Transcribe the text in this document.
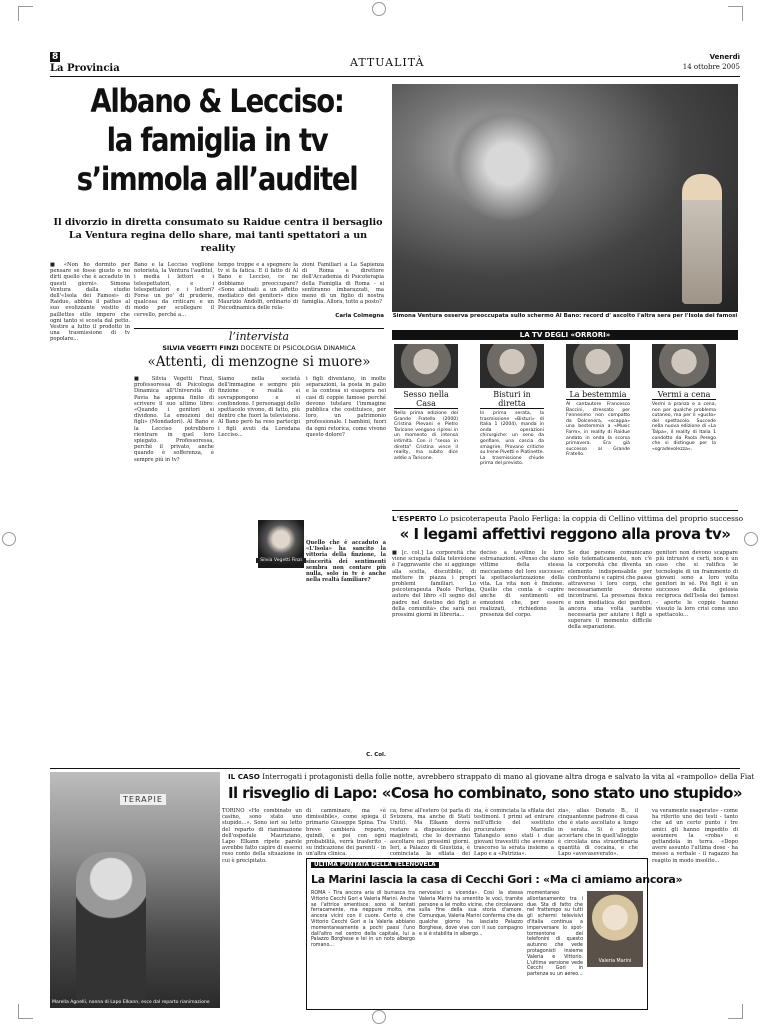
8
La Provincia	ATTUALITÀ	Venerdì
14 ottobre 2005
Albano & Lecciso:
la famiglia in tv
s’immola all’auditel
Il divorzio in diretta consumato su Raidue centra il bersaglio
La Ventura regina dello share, mai tanti spettatori a un reality
■ «Non ho dormito per pensare se fosse giusto o no dirti quello che è accaduto in questi giorni». Simona Ventura dalla studio dell'«Isola dei Famosi» di Raidue, abbina il pathos al suo evolizzante vestito di paillettes stile impero che ogni tanto si scosta dal petto. Vestire a lutto il prodotto in una trasmissione di tv popolare...
Bano e la Lecciso voglione notorietà, la Ventura l'auditel, i media i lettori e i telespettatori, e i telespettatori e i lettori? Forse un po' di pruderie, qualcosa da criticare e un modo per scollegare il cervello, perché a...
tempo troppe e a spegnere la tv si fa fatica. E il fatto di Al Bano e Lecciso, ce ne dobbiamo preoccupare? «Sono abituati a un affetto mediatico dei genitori» dice Maurizio Andolfi, ordinario di Psicodinamica delle rela-
zioni Familiari a La Sapienza di Roma e direttore dell'Accademia di Psicoterapia della Famiglia di Roma - si sentiranno imbarazzati, ma meno di un figlio di nostra famiglia. Allora, tutto a posto?
Carla Colmegna Simona Ventura osserva preoccupata sullo schermo Al Bano: record d' ascolto l'altra sera per l'Isola dei famosi
l’intervista
SILVIA VEGETTI FINZI DOCENTE DI PSICOLOGIA DINAMICA
«Attenti, di menzogne si muore»
■ Silvia Vegetti Finzi, professoressa di Psicologia Dinamica all'Università di Pavia ha appena finito di scrivere il suo ultimo libro: «Quando i genitori si dividono. Le emozioni dei figli» (Mondadori). Al Bano e la Lecciso potrebbero rientrare in quel loro spiegato. Professoressa, perché il privato, anche quando è sofferenza, è sempre più in tv?
Siamo nella società dell'immagine e sempre più finzione e realtà si sovrappongono e si confondono. I personaggi dello spettacolo vivono, di fatto, più dentro che fuori la televisione. Al Bano però ha reso partecipi i figli avuti da Loredana Lecciso...
Silvia Vegetti Finzi
i figli diventano, in molte separazioni, la posta in palio e la contesa si esaspera nei casi di coppie famose perché devono tutelare l'immagine pubblica che costituisce, per loro, un patrimonio professionale. I bambini, fuori da ogni retorica, come vivono questo dolore?
Quello che è accaduto a «L'Isola» ha sancito la vittoria della finzione, la sincerità dei sentimenti sembra non contare più nulla, solo in tv è anche nella realtà familiare?
C. Col.
LA TV DEGLI «ORRORI»
Sesso nella Casa
Nella prima edizione del Grande Fratello (2000) Cristina Plevani e Pietro Taricone vengono ripresi in un momento di intensa intimità. Con il "sesso in diretta" Cristina vince il reality, ma subito dice addio a Taricone.
Bisturi in diretta
In prima serata, la trasmissione «Bisturi» di Italia 1 (2004), manda in onda operazioni chirurgiche: un seno da gonfiare, una coscia da smagrire. Provano critiche su Irene Pivetti e Platinette. La trasmissione chiude prima del previsto.
La bestemmia
Al cantautore Francesco Baccini, stressato per l'ennesimo non compatto da Dolcenera, «scappa» una bestemmia a «Music Farm», in reality di Raidue andato in onda la scorsa primavera. Era già successo al Grande Fratello.
Vermi a cena
Vermi a pranzo e a cena, non per qualche problema cutaneo, ma per il «gusto» del spettacolo. Succede nella nuova edizione di «La Talpa», il reality di Italia 1 condotto da Paola Perego che si distingue per la «sgradevolezza».
L'ESPERTO Lo psicoterapeuta Paolo Ferliga: la coppia di Cellino vittima del proprio successo
« I legami affettivi reggono alla prova tv»
■ [c. col.] La corporeità che viene sciupata dalla televisione è l'aggravante che si aggiunge alla scelta, discutibile, di mettere in piazza i propri problemi familiari. Lo psicoterapeuta Paolo Ferliga, autore del libro «Il segno del padre nel destino dei figli e della comunità» che sarà nei prossimi giorni in libreria...
deciso a tavolino le loro estreanazioni. «Penso che siano vittime della stessa meccanismo del loro successo: la spettacolarizzazione della vita. La vita non è finzione. Quello che conta è capire anche di sentimenti ed emozioni che, per essere realizzati, richiedono la presenza del corpo.
Se due persone comunicano solo telematicamente, non c'è la corporeità che diventa un elemento indispensabile per confrontarsi e capirsi che passa attraverso i loro corpi, che necessariamente devono incontrarsi. La presenza fisica e non mediatica dei genitori, ancora una volta sarebbe necessaria per aiutare i figli a superare il momento difficile della separazione.
genitori non devono scappare più intrusivi e certi, non è un caso che si ratifica le tecnologie di un frammento di giovani sono a loro volta genitori in sé. Poi figli è un successo della gelosia reciproca dell'Isola dei famosi - aperte le coppie hanno vissuto la loro crisi come uno spettacolo...
TERAPIE
Marella Agnelli, nonna di Lapo Elkann, esce dal reparto rianimazione
IL CASO Interrogati i protagonisti della folle notte, avrebbero strappato di mano al giovane altra droga e salvato la vita al «rampollo» della Fiat
Il risveglio di Lapo: «Cosa ho combinato, sono stato uno stupido»
TORINO «Ho combinato un casino, sono stato uno stupido...». Sono ieri su letto del reparto di rianimazione dell'ospedale Mauriziano, Lapo Elkann ripete parole avrebbe fatto capire di essersi reso conto della situazione in cui è precipitato.
di camminare, ma «è dimissibile», come spiega il primario Giuseppe Spina. Tra breve cambierà reparto, quindi, e poi con ogni probabilità, verrà trasferito - su indicazione dei parenti - in un'altra clinica.
ca, forse all'estero (si parla di Svizzera, ma anche di Stati Uniti). Ma Elkann dovrà restare a disposizione dei magistrati, che lo dovranno ascoltare nei prossimi giorni. Ieri, a Palazzo di Giustizia, è cominciata la sfilata dei
zia, è cominciata la sfilata dei testimoni. I primi ad entrare nell'ufficio del sostituto procuratore Marcello Tatangelo sono stati i due giovani travestiti che avevano trascorso la serata insieme a Lapo e a «Patrizia».
zia», alias Donato B., il cinquantenne padrone di casa che è stato ascoltato a lungo in serata. Si è potuto accertare che in quell'alloggio è circolata una straordinaria quantità di cocaina, e che Lapo «avevaseverato».
va veramente esagerato» - come ha riferito uno dei testi - tanto che ad un certo punto i tre amici gli hanno impedito di assumere la «roba» e gettandola in terra. «Dopo avere assunto l'ultima dose - ha messo a verbale - il ragazzo ha reagito in modo insolito...
ULTIMA PUNTATA DELLA TELENOVELA
La Marini lascia la casa di Cecchi Gori : «Ma ci amiamo ancora»
ROMA - Tira ancora aria di burrasca tra Vittorio Cecchi Gori e Valeria Marini. Anche se l'attrice smentisce: sono si tentati ferracamente, ma neppure molto, ma ancora vicini con il cuore. Certo è che Vittorio Cecchi Gori e la Valeria abbiano momentaneamente a pochi passi l'uno dall'altro nel centro della capitale, lui a Palazzo Borghese e lei in un noto albergo romano...
nervosisci a vicenda». Così la stessa Valeria Marini ha smentito le voci, tramite persone a lei molto vicine, che circolavano sulla fine della sua storia d'amore. Comunque, Valeria Marini conferma che da qualche giorno ha lasciato Palazzo Borghese, dove vive con il suo compagno e si è stabilita in albergo...
momentaneo allontanamento tra i due. Sta di fatto che nel frattempo su tutti gli schermi televisivi d'Italia continua a imperversare lo spot-tormentone dei telefonini di questo autunno che vede protagonisti insieme Valeria e Vittorio. L'ultima versione vede Cecchi Gori in partenza su un aereo...
Valeria Marini
